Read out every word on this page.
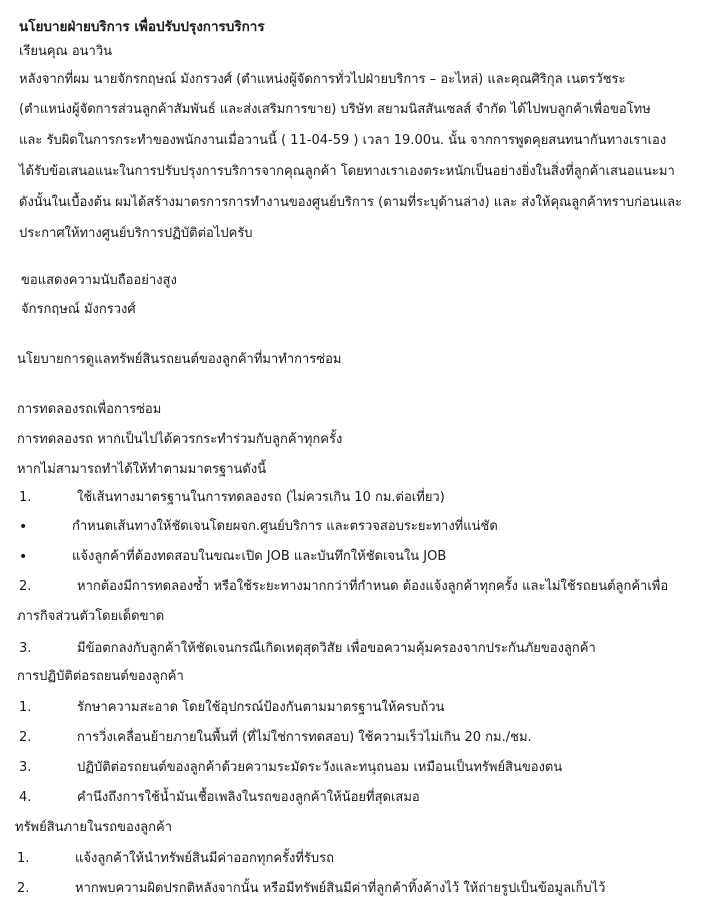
นโยบายฝ่ายบริการ เพื่อปรับปรุงการบริการ
เรียนคุณ อนาวิน
หลังจากที่ผม นายจักรกฤษณ์ มังกรวงศ์ (ตำแหน่งผู้จัดการทั่วไปฝ่ายบริการ – อะไหล่) และคุณศิริกุล เนตรวัชระ
(ตำแหน่งผู้จัดการส่วนลูกค้าสัมพันธ์ และส่งเสริมการขาย) บริษัท สยามนิสสันเซลส์ จำกัด ได้ไปพบลูกค้าเพื่อขอโทษ
และ รับผิดในการกระทำของพนักงานเมื่อวานนี้ ( 11-04-59 ) เวลา 19.00น. นั้น จากการพูดคุยสนทนากันทางเราเอง
ได้รับข้อเสนอแนะในการปรับปรุงการบริการจากคุณลูกค้า โดยทางเราเองตระหนักเป็นอย่างยิ่งในสิ่งที่ลูกค้าเสนอแนะมา
ดังนั้นในเบื้องต้น ผมได้สร้างมาตรการการทำงานของศูนย์บริการ (ตามที่ระบุด้านล่าง) และ ส่งให้คุณลูกค้าทราบก่อนและ
ประกาศให้ทางศูนย์บริการปฏิบัติต่อไปครับ
ขอแสดงความนับถืออย่างสูง
จักรกฤษณ์ มังกรวงศ์
นโยบายการดูแลทรัพย์สินรถยนต์ของลูกค้าที่มาทำการซ่อม
การทดลองรถเพื่อการซ่อม
การทดลองรถ หากเป็นไปได้ควรกระทำร่วมกับลูกค้าทุกครั้ง
หากไม่สามารถทำได้ให้ทำตามมาตรฐานดังนี้
1.	ใช้เส้นทางมาตรฐานในการทดลองรถ (ไม่ควรเกิน 10 กม.ต่อเที่ยว)
•	กำหนดเส้นทางให้ชัดเจนโดยผจก.ศูนย์บริการ และตรวจสอบระยะทางที่แน่ชัด
•	แจ้งลูกค้าที่ต้องทดสอบในขณะเปิด JOB และบันทึกให้ชัดเจนใน JOB
2.	หากต้องมีการทดลองซ้ำ หรือใช้ระยะทางมากกว่าที่กำหนด ต้องแจ้งลูกค้าทุกครั้ง และไม่ใช้รถยนต์ลูกค้าเพื่อ
ภารกิจส่วนตัวโดยเด็ดขาด
3.	มีข้อตกลงกับลูกค้าให้ชัดเจนกรณีเกิดเหตุสุดวิสัย เพื่อขอความคุ้มครองจากประกันภัยของลูกค้า
การปฏิบัติต่อรถยนต์ของลูกค้า
1.	รักษาความสะอาด โดยใช้อุปกรณ์ป้องกันตามมาตรฐานให้ครบถ้วน
2.	การวิ่งเคลื่อนย้ายภายในพื้นที่ (ที่ไม่ใช่การทดสอบ) ใช้ความเร็วไม่เกิน 20 กม./ชม.
3.	ปฏิบัติต่อรถยนต์ของลูกค้าด้วยความระมัดระวังและทนุถนอม เหมือนเป็นทรัพย์สินของตน
4.	คำนึงถึงการใช้น้ำมันเชื้อเพลิงในรถของลูกค้าให้น้อยที่สุดเสมอ
ทรัพย์สินภายในรถของลูกค้า
1.	แจ้งลูกค้าให้นำทรัพย์สินมีค่าออกทุกครั้งที่รับรถ
2.	หากพบความผิดปรกติหลังจากนั้น หรือมีทรัพย์สินมีค่าที่ลูกค้าทิ้งค้างไว้ ให้ถ่ายรูปเป็นข้อมูลเก็บไว้
